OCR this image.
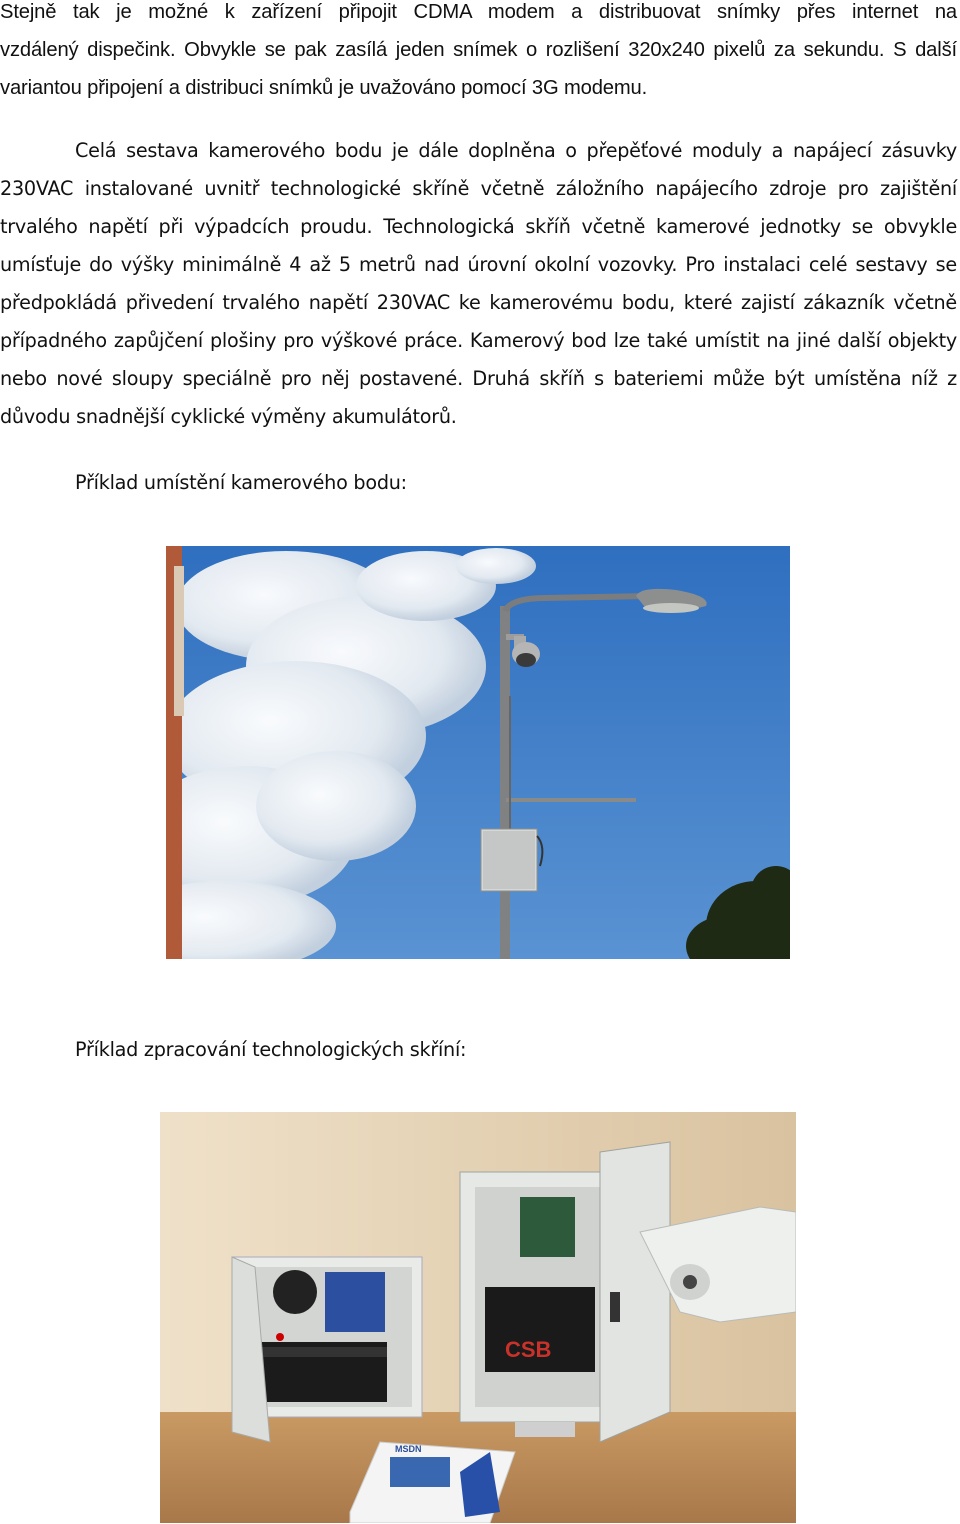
Stejně tak je možné k zařízení připojit CDMA modem a distribuovat snímky přes internet na
vzdálený dispečink. Obvykle se pak zasílá jeden snímek o rozlišení 320x240 pixelů za sekundu. S další
variantou připojení a distribuci snímků je uvažováno pomocí 3G modemu.
Celá sestava kamerového bodu je dále doplněna o přepěťové moduly a napájecí zásuvky
230VAC instalované uvnitř technologické skříně včetně záložního napájecího zdroje pro zajištění
trvalého napětí při výpadcích proudu. Technologická skříň včetně kamerové jednotky se obvykle
umísťuje do výšky minimálně 4 až 5 metrů nad úrovní okolní vozovky. Pro instalaci celé sestavy se
předpokládá přivedení trvalého napětí 230VAC ke kamerovému bodu, které zajistí zákazník včetně
případného zapůjčení plošiny pro výškové práce. Kamerový bod lze také umístit na jiné další objekty
nebo nové sloupy speciálně pro něj postavené. Druhá skříň s bateriemi může být umístěna níž z
důvodu snadnější cyklické výměny akumulátorů.

Příklad umístění kamerového bodu:

Příklad zpracování technologických skříní:

CSB
MSDN
